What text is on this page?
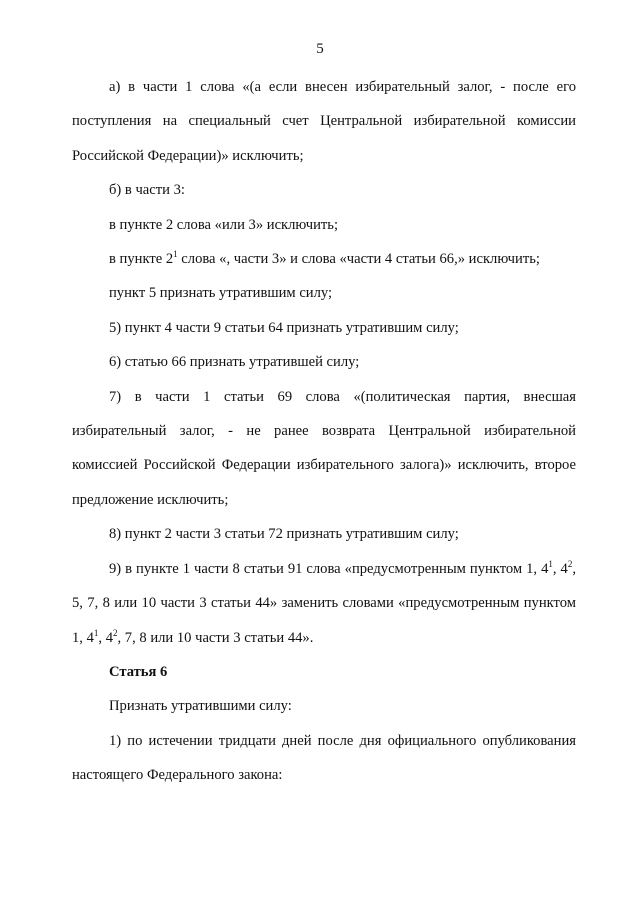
5

а) в части 1 слова «(а если внесен избирательный залог, - после его поступления на специальный счет Центральной избирательной комиссии Российской Федерации)» исключить;

б) в части 3:

в пункте 2 слова «или 3» исключить;

в пункте $2^1$ слова «, части 3» и слова «части 4 статьи 66,» исключить;

пункт 5 признать утратившим силу;

5) пункт 4 части 9 статьи 64 признать утратившим силу;

6) статью 66 признать утратившей силу;

7) в части 1 статьи 69 слова «(политическая партия, внесшая избирательный залог, - не ранее возврата Центральной избирательной комиссией Российской Федерации избирательного залога)» исключить, второе предложение исключить;

8) пункт 2 части 3 статьи 72 признать утратившим силу;

9) в пункте 1 части 8 статьи 91 слова «предусмотренным пунктом 1, $4^1$, $4^2$, 5, 7, 8 или 10 части 3 статьи 44» заменить словами «предусмотренным пунктом 1, $4^1$, $4^2$, 7, 8 или 10 части 3 статьи 44».

Статья 6

Признать утратившими силу:

1) по истечении тридцати дней после дня официального опубликования настоящего Федерального закона:
